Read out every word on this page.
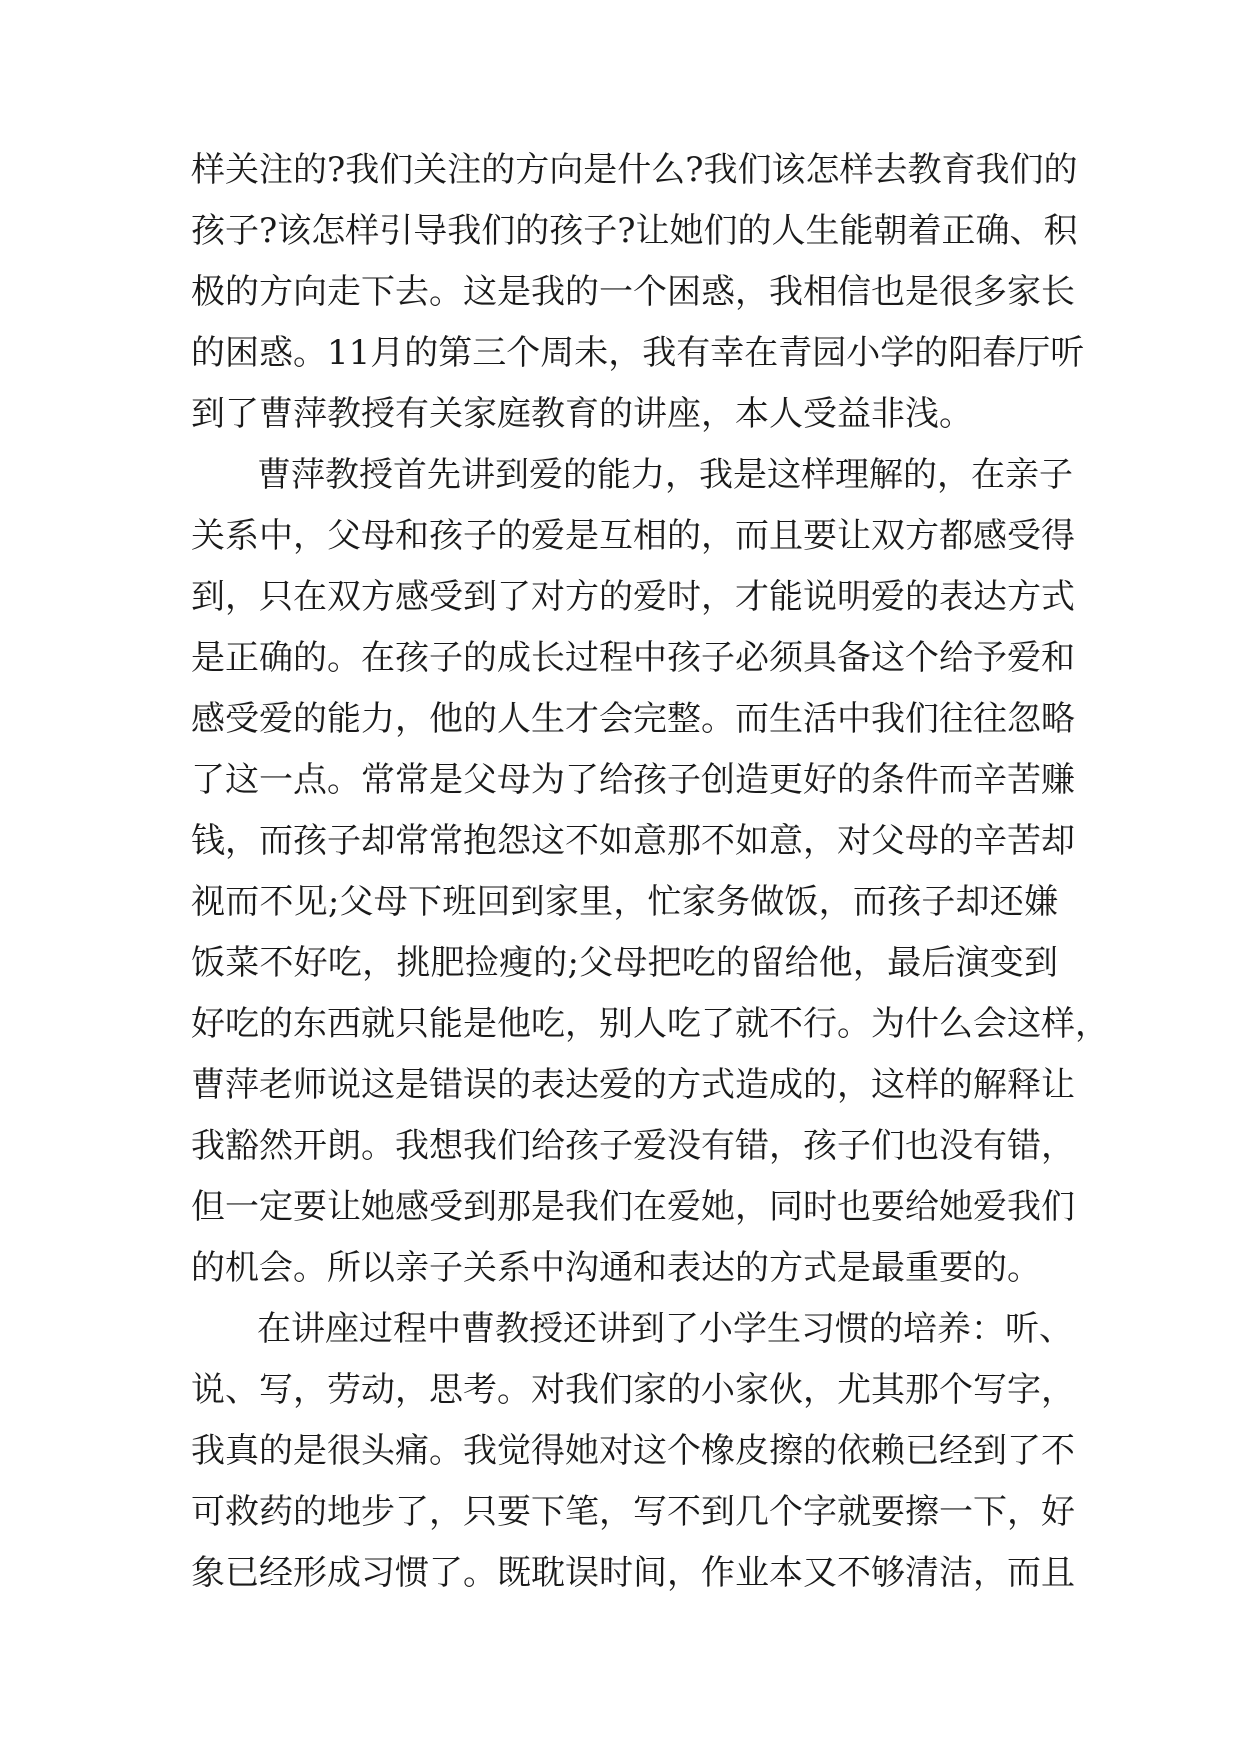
样关注的?我们关注的方向是什么?我们该怎样去教育我们的
孩子?该怎样引导我们的孩子?让她们的人生能朝着正确、积
极的方向走下去。这是我的一个困惑，我相信也是很多家长
的困惑。11月的第三个周未，我有幸在青园小学的阳春厅听
到了曹萍教授有关家庭教育的讲座，本人受益非浅。
曹萍教授首先讲到爱的能力，我是这样理解的，在亲子
关系中，父母和孩子的爱是互相的，而且要让双方都感受得
到，只在双方感受到了对方的爱时，才能说明爱的表达方式
是正确的。在孩子的成长过程中孩子必须具备这个给予爱和
感受爱的能力，他的人生才会完整。而生活中我们往往忽略
了这一点。常常是父母为了给孩子创造更好的条件而辛苦赚
钱，而孩子却常常抱怨这不如意那不如意，对父母的辛苦却
视而不见;父母下班回到家里，忙家务做饭，而孩子却还嫌
饭菜不好吃，挑肥捡瘦的;父母把吃的留给他，最后演变到
好吃的东西就只能是他吃，别人吃了就不行。为什么会这样，
曹萍老师说这是错误的表达爱的方式造成的，这样的解释让
我豁然开朗。我想我们给孩子爱没有错，孩子们也没有错，
但一定要让她感受到那是我们在爱她，同时也要给她爱我们
的机会。所以亲子关系中沟通和表达的方式是最重要的。
在讲座过程中曹教授还讲到了小学生习惯的培养：听、
说、写，劳动，思考。对我们家的小家伙，尤其那个写字，
我真的是很头痛。我觉得她对这个橡皮擦的依赖已经到了不
可救药的地步了，只要下笔，写不到几个字就要擦一下，好
象已经形成习惯了。既耽误时间，作业本又不够清洁，而且
